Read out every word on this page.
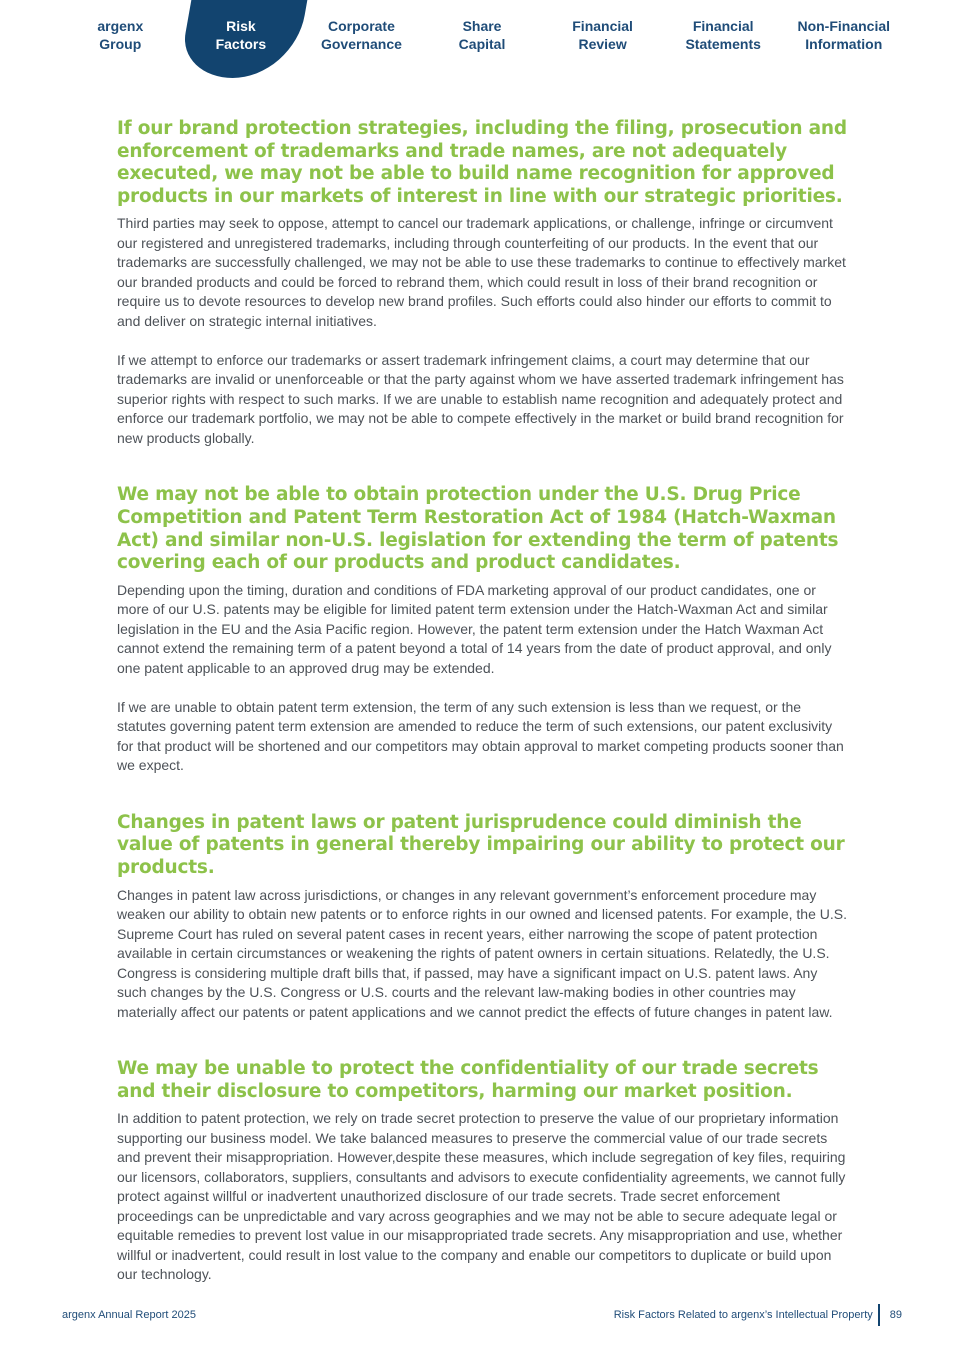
argenx
Group
Risk
Factors
Corporate
Governance
Share
Capital
Financial
Review
Financial
Statements
Non-Financial
Information
If our brand protection strategies, including the filing, prosecution and enforcement of trademarks and trade names, are not adequately executed, we may not be able to build name recognition for approved products in our markets of interest in line with our strategic priorities.

Third parties may seek to oppose, attempt to cancel our trademark applications, or challenge, infringe or circumvent our registered and unregistered trademarks, including through counterfeiting of our products. In the event that our trademarks are successfully challenged, we may not be able to use these trademarks to continue to effectively market our branded products and could be forced to rebrand them, which could result in loss of their brand recognition or require us to devote resources to develop new brand profiles. Such efforts could also hinder our efforts to commit to and deliver on strategic internal initiatives.

If we attempt to enforce our trademarks or assert trademark infringement claims, a court may determine that our trademarks are invalid or unenforceable or that the party against whom we have asserted trademark infringement has superior rights with respect to such marks. If we are unable to establish name recognition and adequately protect and enforce our trademark portfolio, we may not be able to compete effectively in the market or build brand recognition for new products globally.

We may not be able to obtain protection under the U.S. Drug Price Competition and Patent Term Restoration Act of 1984 (Hatch-Waxman Act) and similar non-U.S. legislation for extending the term of patents covering each of our products and product candidates.

Depending upon the timing, duration and conditions of FDA marketing approval of our product candidates, one or more of our U.S. patents may be eligible for limited patent term extension under the Hatch-Waxman Act and similar legislation in the EU and the Asia Pacific region. However, the patent term extension under the Hatch Waxman Act cannot extend the remaining term of a patent beyond a total of 14 years from the date of product approval, and only one patent applicable to an approved drug may be extended.

If we are unable to obtain patent term extension, the term of any such extension is less than we request, or the statutes governing patent term extension are amended to reduce the term of such extensions, our patent exclusivity for that product will be shortened and our competitors may obtain approval to market competing products sooner than we expect.

Changes in patent laws or patent jurisprudence could diminish the value of patents in general thereby impairing our ability to protect our products.

Changes in patent law across jurisdictions, or changes in any relevant government’s enforcement procedure may weaken our ability to obtain new patents or to enforce rights in our owned and licensed patents. For example, the U.S. Supreme Court has ruled on several patent cases in recent years, either narrowing the scope of patent protection available in certain circumstances or weakening the rights of patent owners in certain situations. Relatedly, the U.S. Congress is considering multiple draft bills that, if passed, may have a significant impact on U.S. patent laws. Any such changes by the U.S. Congress or U.S. courts and the relevant law-making bodies in other countries may materially affect our patents or patent applications and we cannot predict the effects of future changes in patent law.

We may be unable to protect the confidentiality of our trade secrets and their disclosure to competitors, harming our market position.

In addition to patent protection, we rely on trade secret protection to preserve the value of our proprietary information supporting our business model. We take balanced measures to preserve the commercial value of our trade secrets and prevent their misappropriation. However,despite these measures, which include segregation of key files, requiring our licensors, collaborators, suppliers, consultants and advisors to execute confidentiality agreements, we cannot fully protect against willful or inadvertent unauthorized disclosure of our trade secrets. Trade secret enforcement proceedings can be unpredictable and vary across geographies and we may not be able to secure adequate legal or equitable remedies to prevent lost value in our misappropriated trade secrets. Any misappropriation and use, whether willful or inadvertent, could result in lost value to the company and enable our competitors to duplicate or build upon our technology.

argenx Annual Report 2025	Risk Factors Related to argenx’s Intellectual Property 89
